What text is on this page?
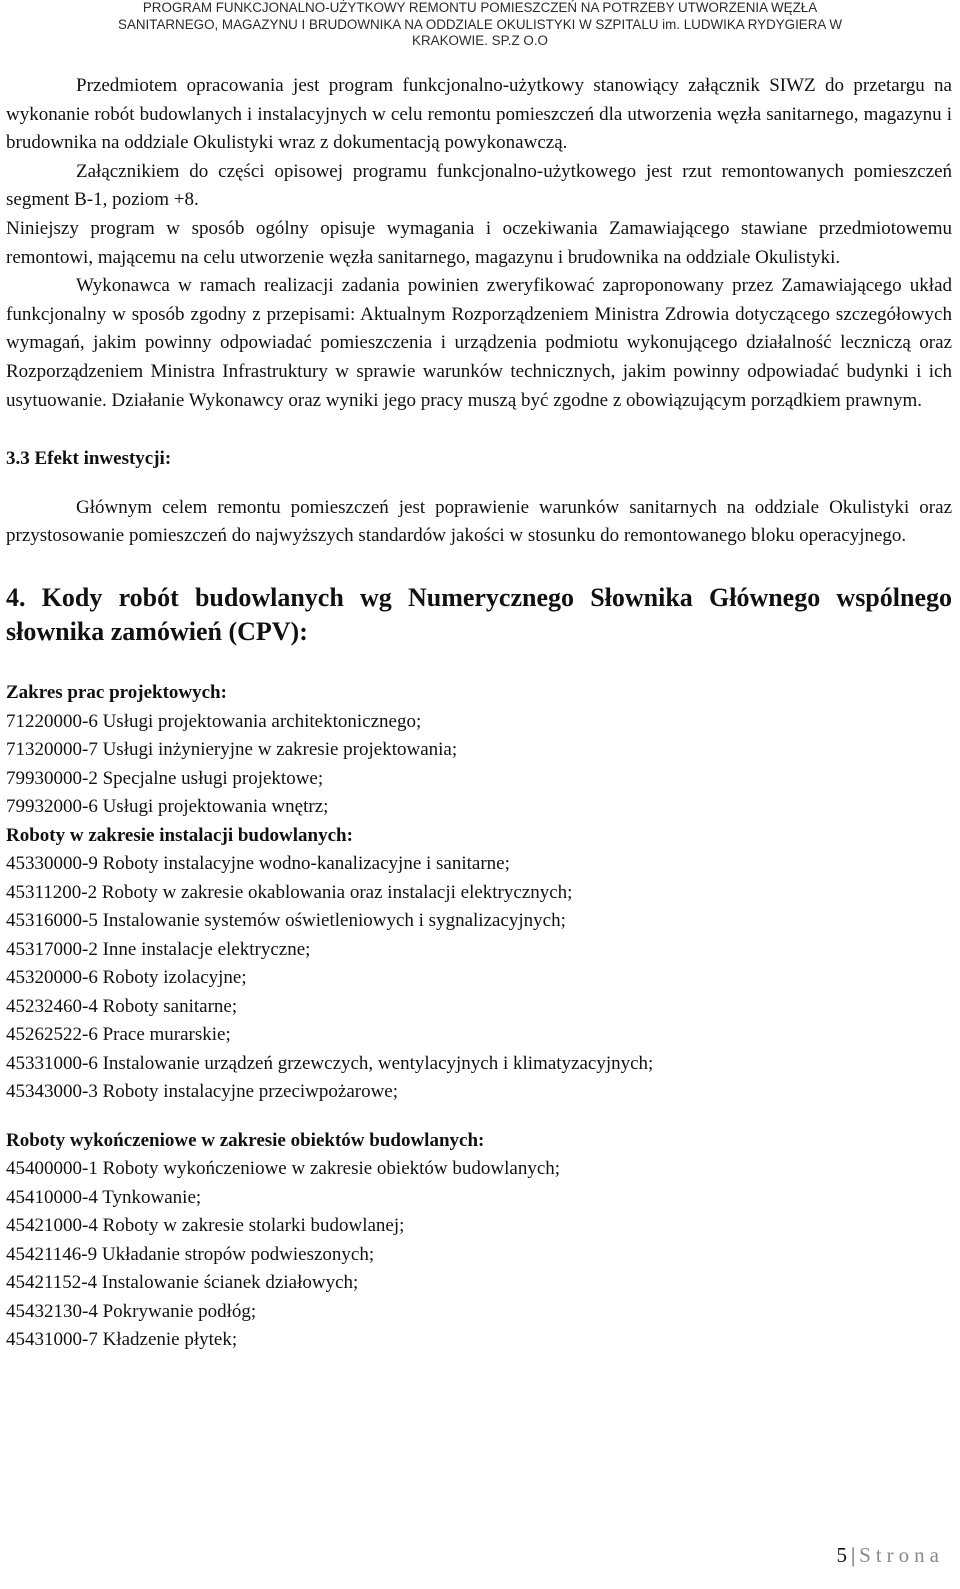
PROGRAM FUNKCJONALNO-UŻYTKOWY REMONTU POMIESZCZEŃ NA POTRZEBY UTWORZENIA WĘZŁA
SANITARNEGO, MAGAZYNU I BRUDOWNIKA NA ODDZIALE OKULISTYKI W SZPITALU im. LUDWIKA RYDYGIERA W
KRAKOWIE. SP.Z O.O

Przedmiotem opracowania jest program funkcjonalno-użytkowy stanowiący załącznik SIWZ do przetargu na wykonanie robót budowlanych i instalacyjnych w celu remontu pomieszczeń dla utworzenia węzła sanitarnego, magazynu i brudownika na oddziale Okulistyki wraz z dokumentacją powykonawczą.

Załącznikiem do części opisowej programu funkcjonalno-użytkowego jest rzut remontowanych pomieszczeń segment B-1, poziom +8.

Niniejszy program w sposób ogólny opisuje wymagania i oczekiwania Zamawiającego stawiane przedmiotowemu remontowi, mającemu na celu utworzenie węzła sanitarnego, magazynu i brudownika na oddziale Okulistyki.

Wykonawca w ramach realizacji zadania powinien zweryfikować zaproponowany przez Zamawiającego układ funkcjonalny w sposób zgodny z przepisami: Aktualnym Rozporządzeniem Ministra Zdrowia dotyczącego szczegółowych wymagań, jakim powinny odpowiadać pomieszczenia i urządzenia podmiotu wykonującego działalność leczniczą oraz Rozporządzeniem Ministra Infrastruktury w sprawie warunków technicznych, jakim powinny odpowiadać budynki i ich usytuowanie. Działanie Wykonawcy oraz wyniki jego pracy muszą być zgodne z obowiązującym porządkiem prawnym.

3.3 Efekt inwestycji:

Głównym celem remontu pomieszczeń jest poprawienie warunków sanitarnych na oddziale Okulistyki oraz przystosowanie pomieszczeń do najwyższych standardów jakości w stosunku do remontowanego bloku operacyjnego.

4. Kody robót budowlanych wg Numerycznego Słownika Głównego wspólnego słownika zamówień (CPV):

Zakres prac projektowych:

71220000-6 Usługi projektowania architektonicznego;
71320000-7 Usługi inżynieryjne w zakresie projektowania;
79930000-2 Specjalne usługi projektowe;
79932000-6 Usługi projektowania wnętrz;

Roboty w zakresie instalacji budowlanych:

45330000-9 Roboty instalacyjne wodno-kanalizacyjne i sanitarne;
45311200-2 Roboty w zakresie okablowania oraz instalacji elektrycznych;
45316000-5 Instalowanie systemów oświetleniowych i sygnalizacyjnych;
45317000-2 Inne instalacje elektryczne;
45320000-6 Roboty izolacyjne;
45232460-4 Roboty sanitarne;
45262522-6 Prace murarskie;
45331000-6 Instalowanie urządzeń grzewczych, wentylacyjnych i klimatyzacyjnych;
45343000-3 Roboty instalacyjne przeciwpożarowe;

Roboty wykończeniowe w zakresie obiektów budowlanych:

45400000-1 Roboty wykończeniowe w zakresie obiektów budowlanych;
45410000-4 Tynkowanie;
45421000-4 Roboty w zakresie stolarki budowlanej;
45421146-9 Układanie stropów podwieszonych;
45421152-4 Instalowanie ścianek działowych;
45432130-4 Pokrywanie podłóg;
45431000-7 Kładzenie płytek;
5 | Strona
